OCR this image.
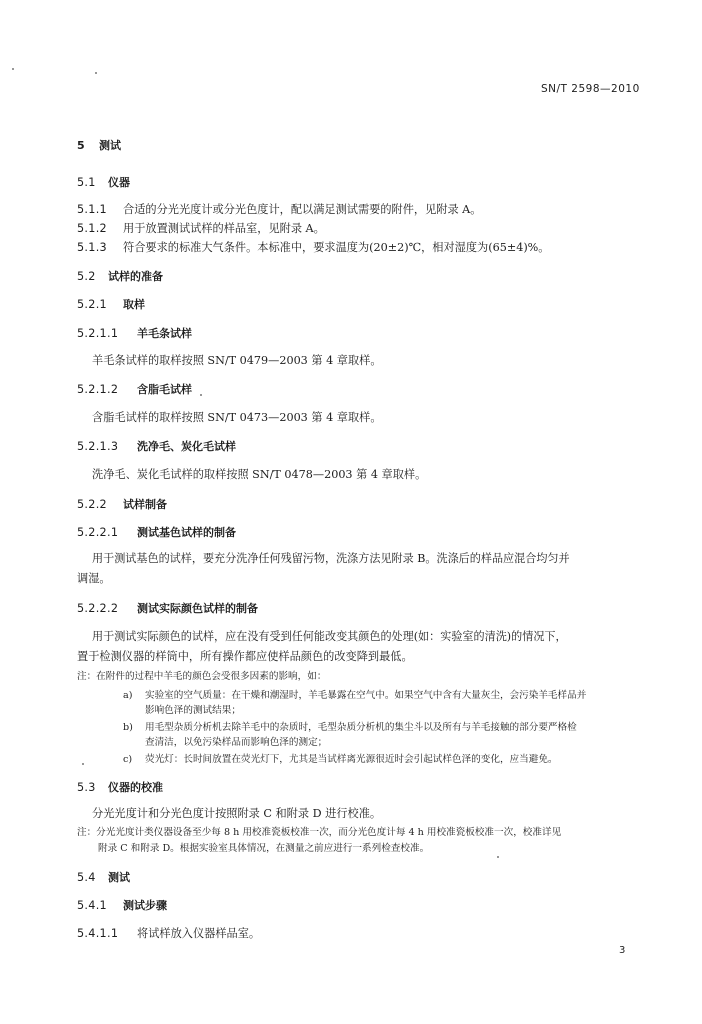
SN/T 2598—2010
5 测试
5.1 仪器
5.1.1 合适的分光光度计或分光色度计，配以满足测试需要的附件，见附录 A。
5.1.2 用于放置测试试样的样品室，见附录 A。
5.1.3 符合要求的标准大气条件。本标准中，要求温度为(20±2)℃，相对湿度为(65±4)%。
5.2 试样的准备
5.2.1 取样
5.2.1.1 羊毛条试样
羊毛条试样的取样按照 SN/T 0479—2003 第 4 章取样。
5.2.1.2 含脂毛试样
含脂毛试样的取样按照 SN/T 0473—2003 第 4 章取样。
5.2.1.3 洗净毛、炭化毛试样
洗净毛、炭化毛试样的取样按照 SN/T 0478—2003 第 4 章取样。
5.2.2 试样制备
5.2.2.1 测试基色试样的制备
用于测试基色的试样，要充分洗净任何残留污物，洗涤方法见附录 B。洗涤后的样品应混合均匀并
调湿。
5.2.2.2 测试实际颜色试样的制备
用于测试实际颜色的试样，应在没有受到任何能改变其颜色的处理(如：实验室的清洗)的情况下，
置于检测仪器的样筒中，所有操作都应使样品颜色的改变降到最低。
注：在附件的过程中羊毛的颜色会受很多因素的影响，如：
a) 实验室的空气质量：在干燥和潮湿时，羊毛暴露在空气中。如果空气中含有大量灰尘，会污染羊毛样品并
影响色泽的测试结果；
b) 用毛型杂质分析机去除羊毛中的杂质时，毛型杂质分析机的集尘斗以及所有与羊毛接触的部分要严格检
查清洁，以免污染样品而影响色泽的测定；
c) 荧光灯：长时间放置在荧光灯下，尤其是当试样离光源很近时会引起试样色泽的变化，应当避免。
5.3 仪器的校准
分光光度计和分光色度计按照附录 C 和附录 D 进行校准。
注：分光光度计类仪器设备至少每 8 h 用校准瓷板校准一次，而分光色度计每 4 h 用校准瓷板校准一次，校准详见
附录 C 和附录 D。根据实验室具体情况，在测量之前应进行一系列检查校准。
5.4 测试
5.4.1 测试步骤
5.4.1.1 将试样放入仪器样品室。
3
